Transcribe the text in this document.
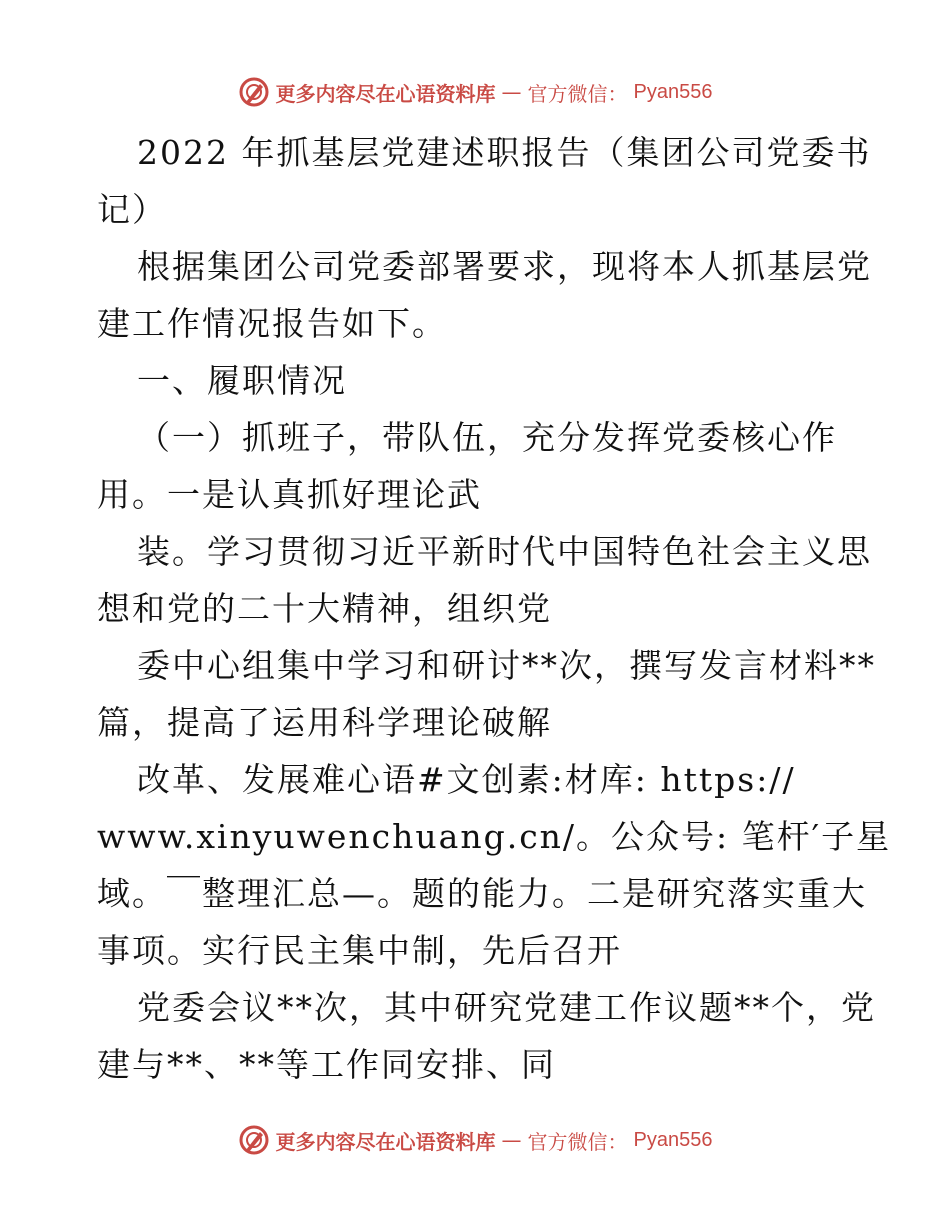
更多内容尽在心语资料库 — 官方微信： Pyan556
2022 年抓基层党建述职报告（集团公司党委书
记）
根据集团公司党委部署要求，现将本人抓基层党
建工作情况报告如下。
一、履职情况
（一）抓班子，带队伍，充分发挥党委核心作
用。一是认真抓好理论武
装。学习贯彻习近平新时代中国特色社会主义思
想和党的二十大精神，组织党
委中心组集中学习和研讨**次，撰写发言材料**
篇，提高了运用科学理论破解
改革、发展难心语#文创素:材库: https://
www.xinyuwenchuang.cn/。公众号: 笔杆′子星
域。￣整理汇总—。题的能力。二是研究落实重大
事项。实行民主集中制，先后召开
党委会议**次，其中研究党建工作议题**个，党
建与**、**等工作同安排、同
更多内容尽在心语资料库 — 官方微信： Pyan556
